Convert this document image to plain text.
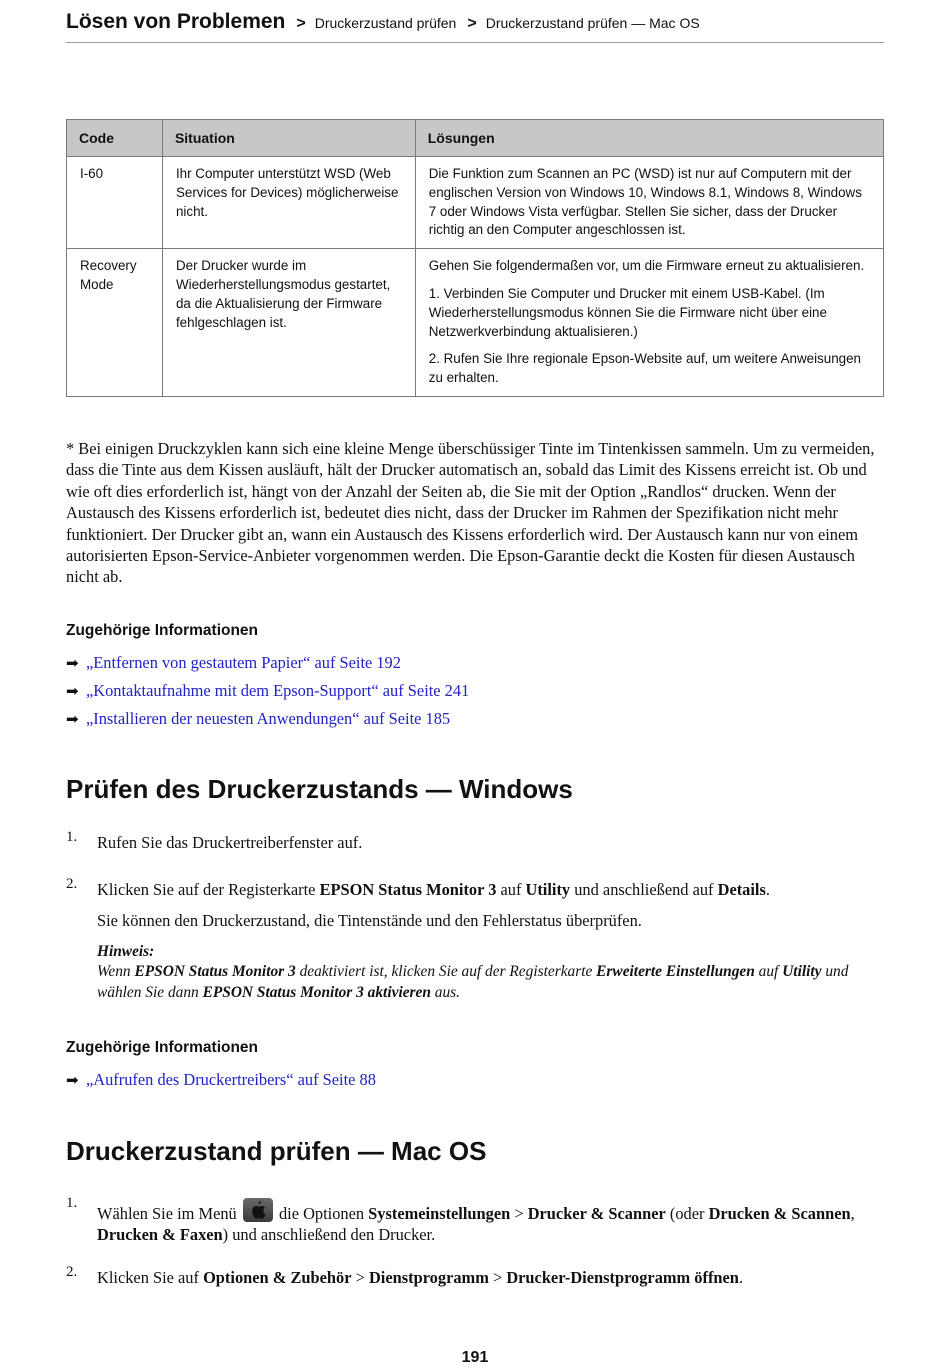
Lösen von Problemen > Druckerzustand prüfen > Druckerzustand prüfen — Mac OS
Code	Situation	Lösungen
I-60	Ihr Computer unterstützt WSD (Web Services for Devices) möglicherweise nicht.	Die Funktion zum Scannen an PC (WSD) ist nur auf Computern mit der englischen Version von Windows 10, Windows 8.1, Windows 8, Windows 7 oder Windows Vista verfügbar. Stellen Sie sicher, dass der Drucker richtig an den Computer angeschlossen ist.

Recovery Mode	Der Drucker wurde im Wiederherstellungsmodus gestartet, da die Aktualisierung der Firmware fehlgeschlagen ist.	Gehen Sie folgendermaßen vor, um die Firmware erneut zu aktualisieren.

1. Verbinden Sie Computer und Drucker mit einem USB-Kabel. (Im Wiederherstellungsmodus können Sie die Firmware nicht über eine Netzwerkverbindung aktualisieren.)

2. Rufen Sie Ihre regionale Epson-Website auf, um weitere Anweisungen zu erhalten.

* Bei einigen Druckzyklen kann sich eine kleine Menge überschüssiger Tinte im Tintenkissen sammeln. Um zu vermeiden, dass die Tinte aus dem Kissen ausläuft, hält der Drucker automatisch an, sobald das Limit des Kissens erreicht ist. Ob und wie oft dies erforderlich ist, hängt von der Anzahl der Seiten ab, die Sie mit der Option „Randlos“ drucken. Wenn der Austausch des Kissens erforderlich ist, bedeutet dies nicht, dass der Drucker im Rahmen der Spezifikation nicht mehr funktioniert. Der Drucker gibt an, wann ein Austausch des Kissens erforderlich wird. Der Austausch kann nur von einem autorisierten Epson-Service-Anbieter vorgenommen werden. Die Epson-Garantie deckt die Kosten für diesen Austausch nicht ab.

Zugehörige Informationen
➡ „Entfernen von gestautem Papier“ auf Seite 192
➡ „Kontaktaufnahme mit dem Epson-Support“ auf Seite 241
➡ „Installieren der neuesten Anwendungen“ auf Seite 185
Prüfen des Druckerzustands — Windows
1. Rufen Sie das Druckertreiberfenster auf.
2. Klicken Sie auf der Registerkarte EPSON Status Monitor 3 auf Utility und anschließend auf Details.

Sie können den Druckerzustand, die Tintenstände und den Fehlerstatus überprüfen.

Hinweis:
Wenn EPSON Status Monitor 3 deaktiviert ist, klicken Sie auf der Registerkarte Erweiterte Einstellungen auf Utility und wählen Sie dann EPSON Status Monitor 3 aktivieren aus.
Zugehörige Informationen
➡ „Aufrufen des Druckertreibers“ auf Seite 88
Druckerzustand prüfen — Mac OS
1.
Wählen Sie im Menü
die Optionen Systemeinstellungen > Drucker & Scanner (oder Drucken & Scannen, Drucken & Faxen) und anschließend den Drucker.
2. Klicken Sie auf Optionen & Zubehör > Dienstprogramm > Drucker-Dienstprogramm öffnen.
191
